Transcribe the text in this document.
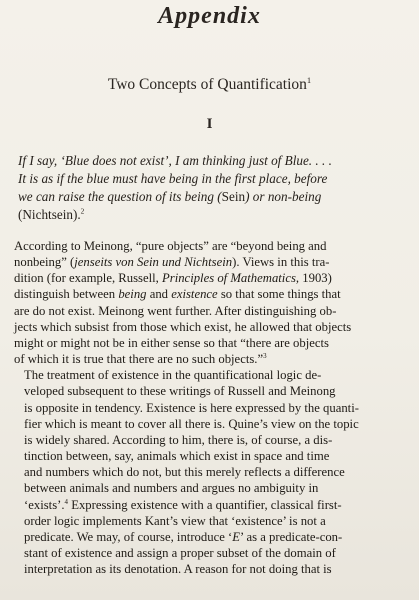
Appendix
Two Concepts of Quantification$^1$
I
If I say, ‘Blue does not exist’, I am thinking just of Blue. . . .
It is as if the blue must have being in the first place, before
we can raise the question of its being (Sein) or non-being
(Nichtsein).$^2$

According to Meinong, “pure objects” are “beyond being and
nonbeing” (jenseits von Sein und Nichtsein). Views in this tra-
dition (for example, Russell, Principles of Mathematics, 1903)
distinguish between being and existence so that some things that
are do not exist. Meinong went further. After distinguishing ob-
jects which subsist from those which exist, he allowed that objects
might or might not be in either sense so that “there are objects
of which it is true that there are no such objects.”$^3$

The treatment of existence in the quantificational logic de-
veloped subsequent to these writings of Russell and Meinong
is opposite in tendency. Existence is here expressed by the quanti-
fier which is meant to cover all there is. Quine’s view on the topic
is widely shared. According to him, there is, of course, a dis-
tinction between, say, animals which exist in space and time
and numbers which do not, but this merely reflects a difference
between animals and numbers and argues no ambiguity in
‘exists’.$^4$ Expressing existence with a quantifier, classical first-
order logic implements Kant’s view that ‘existence’ is not a
predicate. We may, of course, introduce ‘E’ as a predicate-con-
stant of existence and assign a proper subset of the domain of
interpretation as its denotation. A reason for not doing that is
